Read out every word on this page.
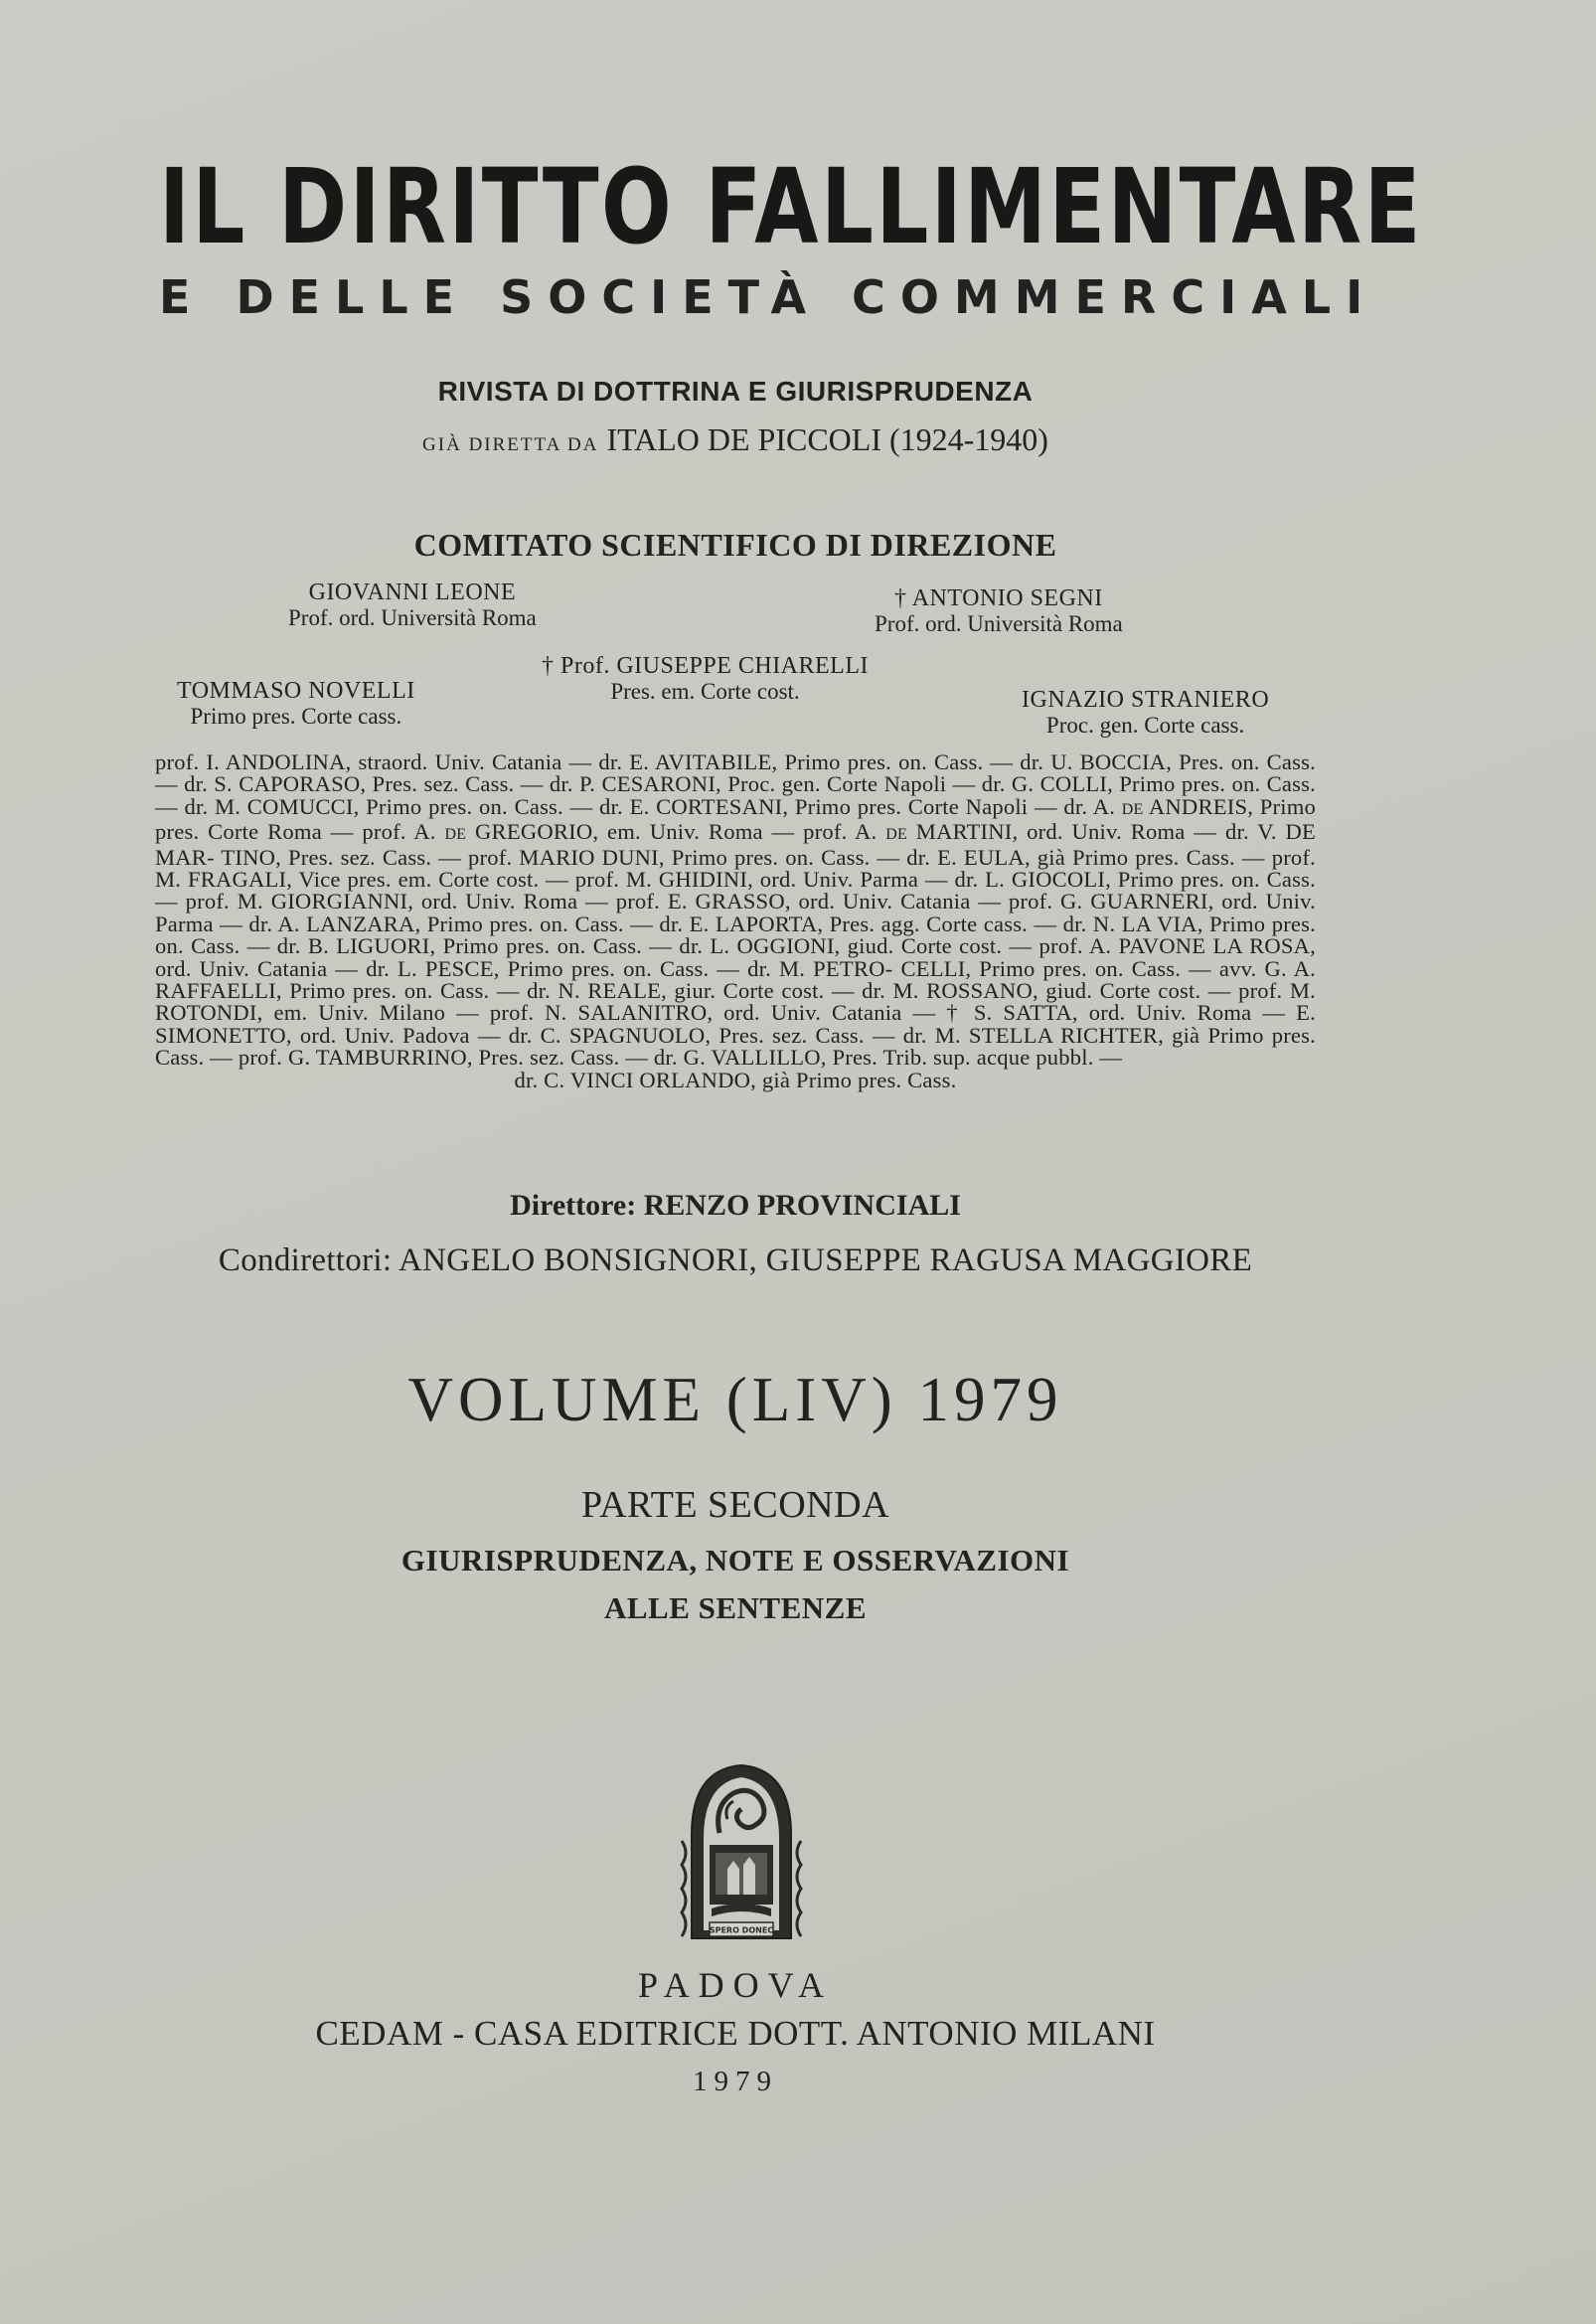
IL DIRITTO FALLIMENTARE
E DELLE SOCIETÀ COMMERCIALI
RIVISTA DI DOTTRINA E GIURISPRUDENZA
GIÀ DIRETTA DA ITALO DE PICCOLI (1924-1940)
COMITATO SCIENTIFICO DI DIREZIONE
GIOVANNI LEONE
Prof. ord. Università Roma
† ANTONIO SEGNI
Prof. ord. Università Roma
† Prof. GIUSEPPE CHIARELLI
Pres. em. Corte cost.
TOMMASO NOVELLI
Primo pres. Corte cass.
IGNAZIO STRANIERO
Proc. gen. Corte cass.
prof. I. ANDOLINA, straord. Univ. Catania — dr. E. AVITABILE, Primo pres. on. Cass. — dr. U. BOCCIA, Pres. on. Cass. — dr. S. CAPORASO, Pres. sez. Cass. — dr. P. CESARONI, Proc. gen. Corte Napoli — dr. G. COLLI, Primo pres. on. Cass. — dr. M. COMUCCI, Primo pres. on. Cass. — dr. E. CORTESANI, Primo pres. Corte Napoli — dr. A. DE ANDREIS, Primo pres. Corte Roma — prof. A. DE GREGORIO, em. Univ. Roma — prof. A. DE MARTINI, ord. Univ. Roma — dr. V. DE MAR- TINO, Pres. sez. Cass. — prof. MARIO DUNI, Primo pres. on. Cass. — dr. E. EULA, già Primo pres. Cass. — prof. M. FRAGALI, Vice pres. em. Corte cost. — prof. M. GHIDINI, ord. Univ. Parma — dr. L. GIOCOLI, Primo pres. on. Cass. — prof. M. GIORGIANNI, ord. Univ. Roma — prof. E. GRASSO, ord. Univ. Catania — prof. G. GUARNERI, ord. Univ. Parma — dr. A. LANZARA, Primo pres. on. Cass. — dr. E. LAPORTA, Pres. agg. Corte cass. — dr. N. LA VIA, Primo pres. on. Cass. — dr. B. LIGUORI, Primo pres. on. Cass. — dr. L. OGGIONI, giud. Corte cost. — prof. A. PAVONE LA ROSA, ord. Univ. Catania — dr. L. PESCE, Primo pres. on. Cass. — dr. M. PETRO- CELLI, Primo pres. on. Cass. — avv. G. A. RAFFAELLI, Primo pres. on. Cass. — dr. N. REALE, giur. Corte cost. — dr. M. ROSSANO, giud. Corte cost. — prof. M. ROTONDI, em. Univ. Milano — prof. N. SALANITRO, ord. Univ. Catania — † S. SATTA, ord. Univ. Roma — E. SIMONETTO, ord. Univ. Padova — dr. C. SPAGNUOLO, Pres. sez. Cass. — dr. M. STELLA RICHTER, già Primo pres. Cass. — prof. G. TAMBURRINO, Pres. sez. Cass. — dr. G. VALLILLO, Pres. Trib. sup. acque pubbl. —
dr. C. VINCI ORLANDO, già Primo pres. Cass.
Direttore: RENZO PROVINCIALI
Condirettori: ANGELO BONSIGNORI, GIUSEPPE RAGUSA MAGGIORE
VOLUME (LIV) 1979
PARTE SECONDA
GIURISPRUDENZA, NOTE E OSSERVAZIONI
ALLE SENTENZE
SPERO DONEC
PADOVA
CEDAM - CASA EDITRICE DOTT. ANTONIO MILANI
1979
